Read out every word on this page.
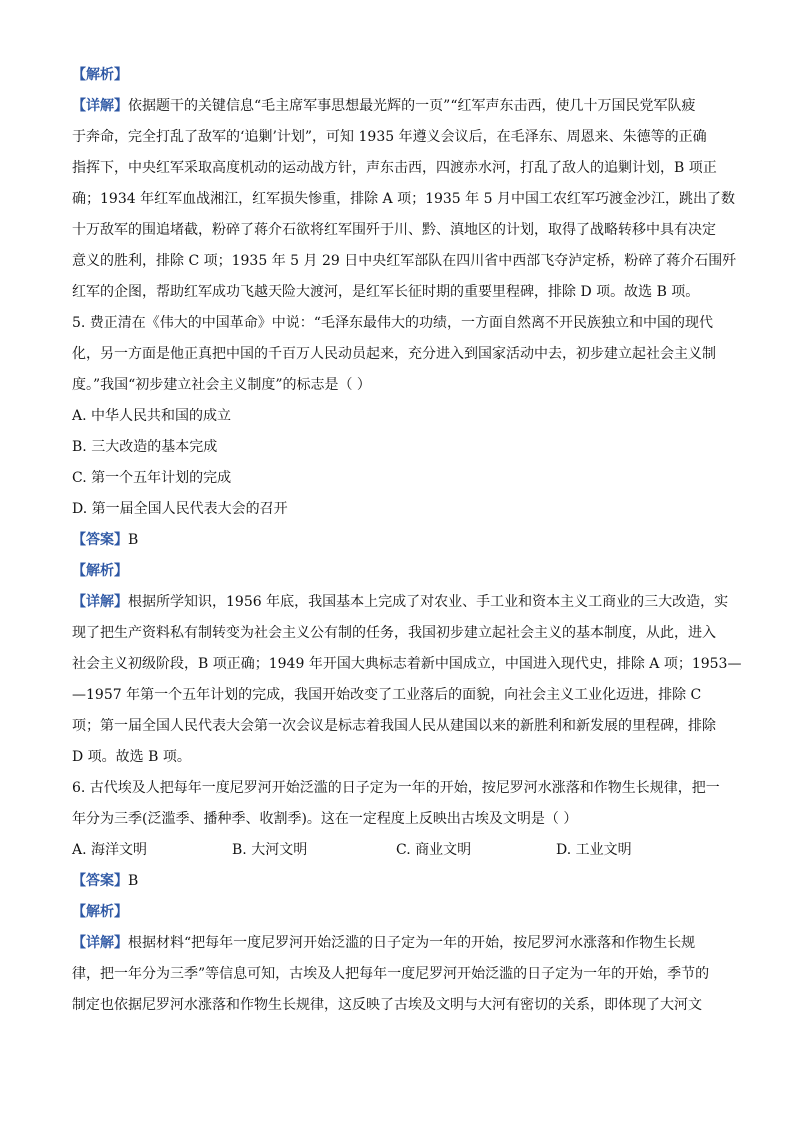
【解析】
【详解】依据题干的关键信息“毛主席军事思想最光辉的一页”“红军声东击西，使几十万国民党军队疲
于奔命，完全打乱了敌军的‘追剿’计划”，可知 1935 年遵义会议后，在毛泽东、周恩来、朱德等的正确
指挥下，中央红军采取高度机动的运动战方针，声东击西，四渡赤水河，打乱了敌人的追剿计划，B 项正
确；1934 年红军血战湘江，红军损失惨重，排除 A 项；1935 年 5 月中国工农红军巧渡金沙江，跳出了数
十万敌军的围追堵截，粉碎了蒋介石欲将红军围歼于川、黔、滇地区的计划，取得了战略转移中具有决定
意义的胜利，排除 C 项；1935 年 5 月 29 日中央红军部队在四川省中西部飞夺泸定桥，粉碎了蒋介石围歼
红军的企图，帮助红军成功飞越天险大渡河，是红军长征时期的重要里程碑，排除 D 项。故选 B 项。
5. 费正清在《伟大的中国革命》中说：“毛泽东最伟大的功绩，一方面自然离不开民族独立和中国的现代
化，另一方面是他正真把中国的千百万人民动员起来，充分进入到国家活动中去，初步建立起社会主义制
度。”我国“初步建立社会主义制度”的标志是（ ）
A. 中华人民共和国的成立
B. 三大改造的基本完成
C. 第一个五年计划的完成
D. 第一届全国人民代表大会的召开
【答案】B
【解析】
【详解】根据所学知识，1956 年底，我国基本上完成了对农业、手工业和资本主义工商业的三大改造，实
现了把生产资料私有制转变为社会主义公有制的任务，我国初步建立起社会主义的基本制度，从此，进入
社会主义初级阶段，B 项正确；1949 年开国大典标志着新中国成立，中国进入现代史，排除 A 项；1953—
—1957 年第一个五年计划的完成，我国开始改变了工业落后的面貌，向社会主义工业化迈进，排除 C
项；第一届全国人民代表大会第一次会议是标志着我国人民从建国以来的新胜利和新发展的里程碑，排除
D 项。故选 B 项。
6. 古代埃及人把每年一度尼罗河开始泛滥的日子定为一年的开始，按尼罗河水涨落和作物生长规律，把一
年分为三季(泛滥季、播种季、收割季)。这在一定程度上反映出古埃及文明是（ ）
A. 海洋文明	B. 大河文明	C. 商业文明	D. 工业文明
【答案】B
【解析】
【详解】根据材料“把每年一度尼罗河开始泛滥的日子定为一年的开始，按尼罗河水涨落和作物生长规
律，把一年分为三季”等信息可知，古埃及人把每年一度尼罗河开始泛滥的日子定为一年的开始，季节的
制定也依据尼罗河水涨落和作物生长规律，这反映了古埃及文明与大河有密切的关系，即体现了大河文
